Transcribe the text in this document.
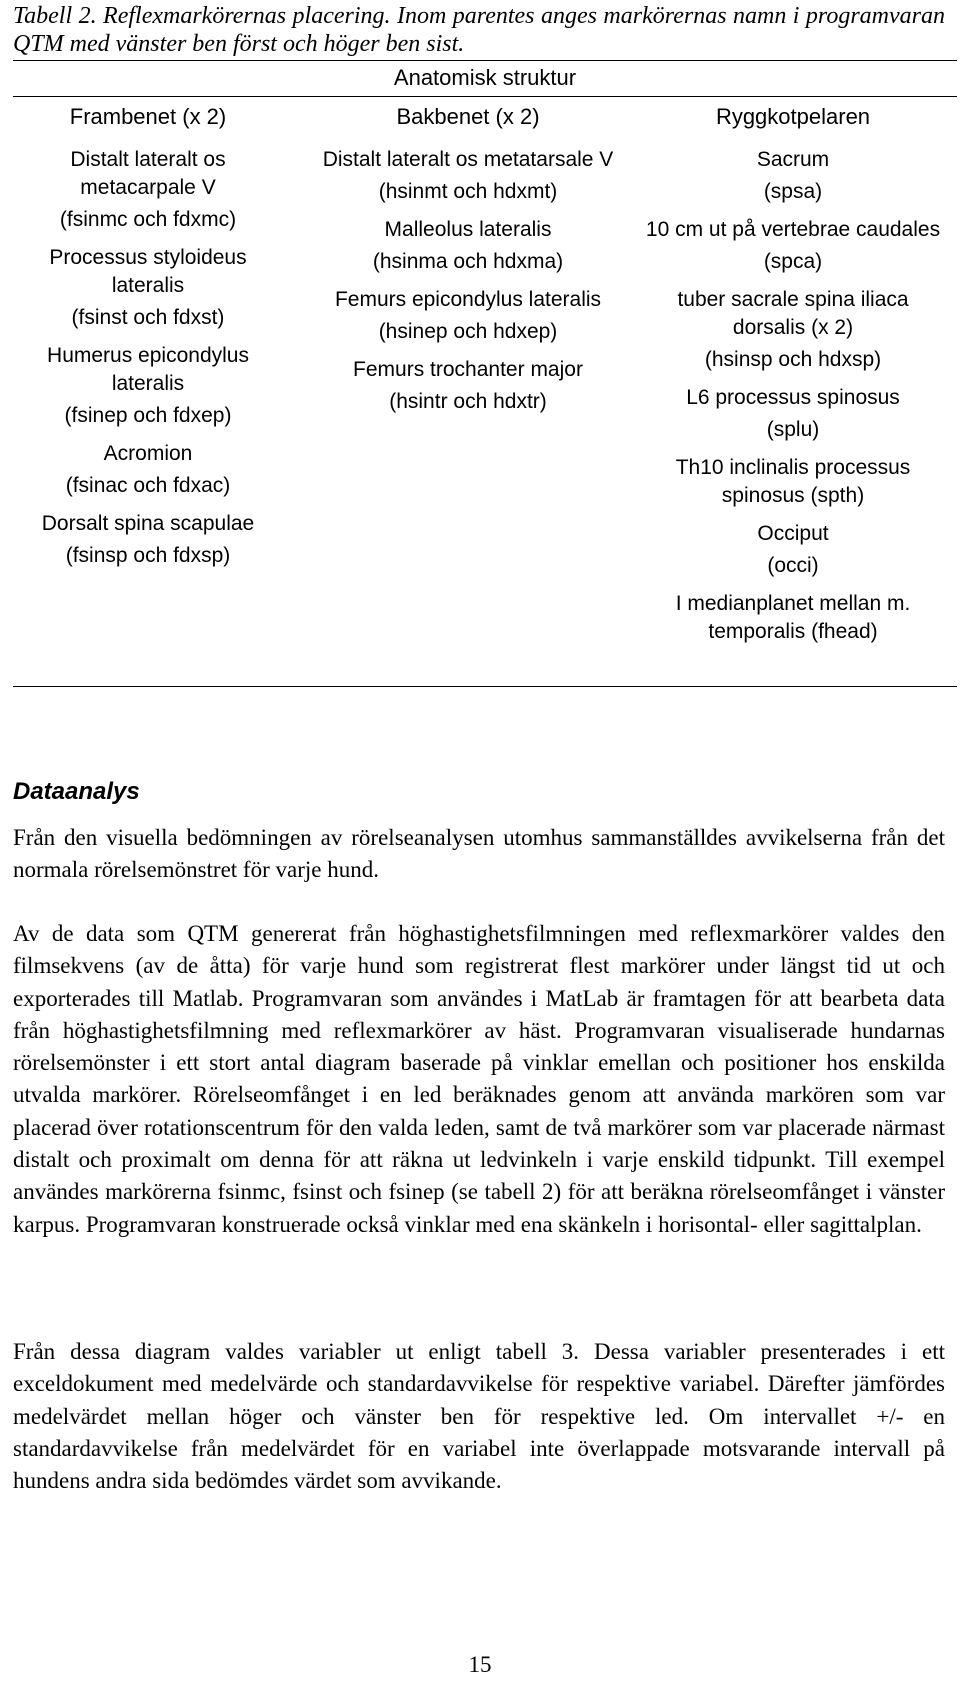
Tabell 2. Reflexmarkörernas placering. Inom parentes anges markörernas namn i programvaran QTM med vänster ben först och höger ben sist.
Anatomisk struktur
Frambenet (x 2)
Distalt lateralt os metacarpale V
(fsinmc och fdxmc)
Processus styloideus lateralis
(fsinst och fdxst)
Humerus epicondylus lateralis
(fsinep och fdxep)
Acromion
(fsinac och fdxac)
Dorsalt spina scapulae
(fsinsp och fdxsp)
Bakbenet (x 2)
Distalt lateralt os metatarsale V
(hsinmt och hdxmt)
Malleolus lateralis
(hsinma och hdxma)
Femurs epicondylus lateralis
(hsinep och hdxep)
Femurs trochanter major
(hsintr och hdxtr)
Ryggkotpelaren
Sacrum
(spsa)
10 cm ut på vertebrae caudales
(spca)
tuber sacrale spina iliaca dorsalis (x 2)
(hsinsp och hdxsp)
L6 processus spinosus
(splu)
Th10 inclinalis processus spinosus (spth)
Occiput
(occi)
I medianplanet mellan m. temporalis (fhead)
Dataanalys
Från den visuella bedömningen av rörelseanalysen utomhus sammanställdes avvikelserna från det normala rörelsemönstret för varje hund.
Av de data som QTM genererat från höghastighetsfilmningen med reflexmarkörer valdes den filmsekvens (av de åtta) för varje hund som registrerat flest markörer under längst tid ut och exporterades till Matlab. Programvaran som användes i MatLab är framtagen för att bearbeta data från höghastighetsfilmning med reflexmarkörer av häst. Programvaran visualiserade hundarnas rörelsemönster i ett stort antal diagram baserade på vinklar emellan och positioner hos enskilda utvalda markörer. Rörelseomfånget i en led beräknades genom att använda markören som var placerad över rotationscentrum för den valda leden, samt de två markörer som var placerade närmast distalt och proximalt om denna för att räkna ut ledvinkeln i varje enskild tidpunkt. Till exempel användes markörerna fsinmc, fsinst och fsinep (se tabell 2) för att beräkna rörelseomfånget i vänster karpus. Programvaran konstruerade också vinklar med ena skänkeln i horisontal- eller sagittalplan.
Från dessa diagram valdes variabler ut enligt tabell 3. Dessa variabler presenterades i ett exceldokument med medelvärde och standardavvikelse för respektive variabel. Därefter jämfördes medelvärdet mellan höger och vänster ben för respektive led. Om intervallet +/- en standardavvikelse från medelvärdet för en variabel inte överlappade motsvarande intervall på hundens andra sida bedömdes värdet som avvikande.
15
